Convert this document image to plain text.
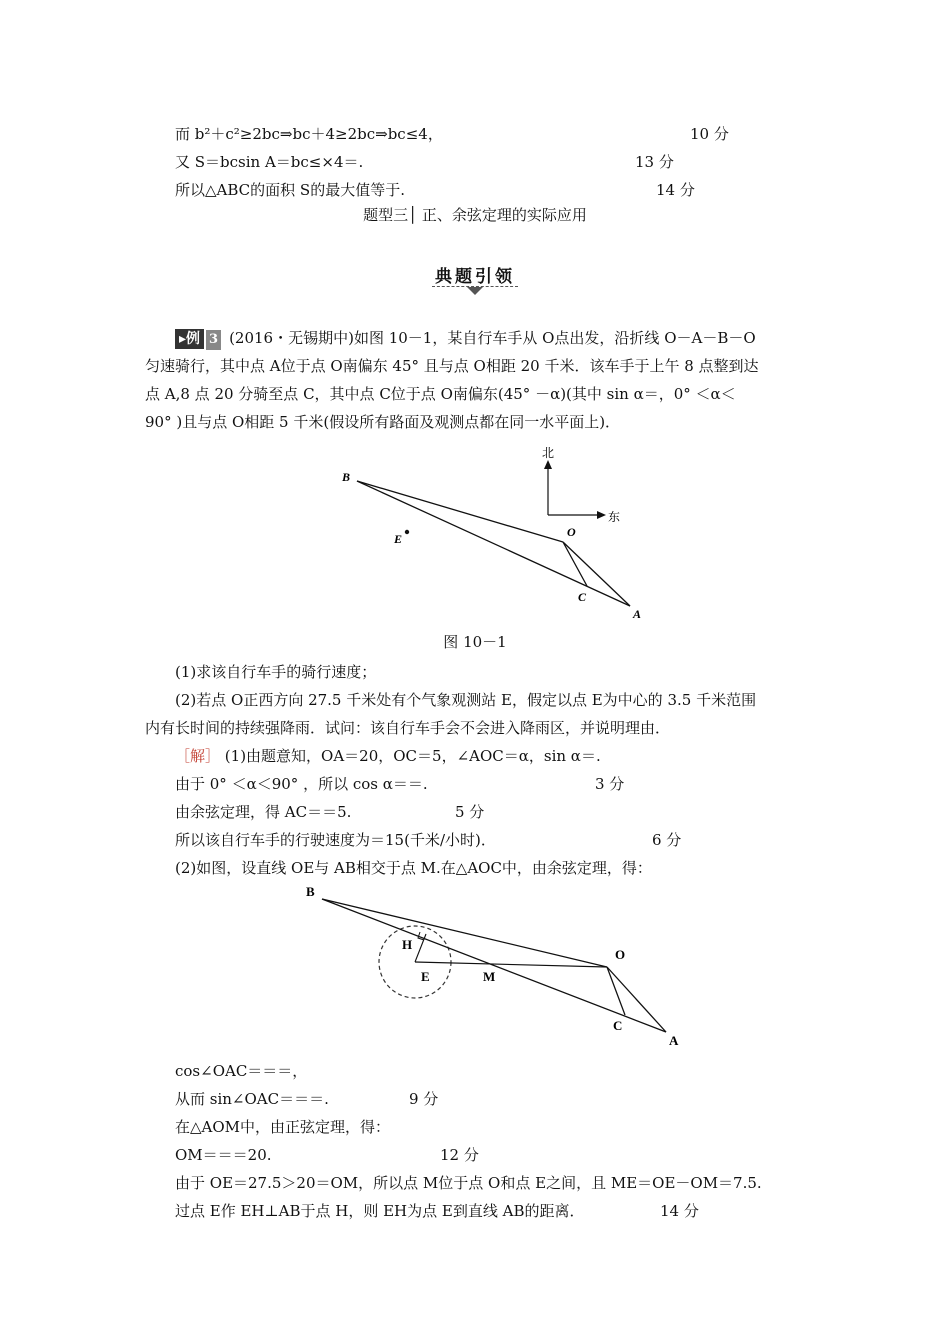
而 b²＋c²≥2bc⇒bc＋4≥2bc⇒bc≤4，	10 分
又 S＝bcsin A＝bc≤×4＝.	13 分
所以△ABC的面积 S的最大值等于.	14 分
题型三│ 正、余弦定理的实际应用
典题引领
▸例 3 (2016・无锡期中)如图 10－1，某自行车手从 O点出发，沿折线 O－A－B－O
匀速骑行，其中点 A位于点 O南偏东 45° 且与点 O相距 20 千米．该车手于上午 8 点整到达
点 A,8 点 20 分骑至点 C，其中点 C位于点 O南偏东(45° －α)(其中 sin α＝，0° ＜α＜
90° )且与点 O相距 5 千米(假设所有路面及观测点都在同一水平面上)．
B
E	O
C
A
北
东
图 10－1
(1)求该自行车手的骑行速度；
(2)若点 O正西方向 27.5 千米处有个气象观测站 E，假定以点 E为中心的 3.5 千米范围
内有长时间的持续强降雨．试问：该自行车手会不会进入降雨区，并说明理由．
［解］ (1)由题意知，OA＝20，OC＝5，∠AOC＝α，sin α＝.
由于 0° ＜α＜90° ，所以 cos α＝＝.	3 分
由余弦定理，得 AC＝＝5.	5 分
所以该自行车手的行驶速度为＝15(千米/小时)．	6 分
(2)如图，设直线 OE与 AB相交于点 M.在△AOC中，由余弦定理，得：
B
H
E	M
O
C
A
cos∠OAC＝＝＝，
从而 sin∠OAC＝＝＝.	9 分
在△AOM中，由正弦定理，得：
OM＝＝＝20.	12 分
由于 OE＝27.5＞20＝OM，所以点 M位于点 O和点 E之间，且 ME＝OE－OM＝7.5.
过点 E作 EH⊥AB于点 H，则 EH为点 E到直线 AB的距离．	14 分
